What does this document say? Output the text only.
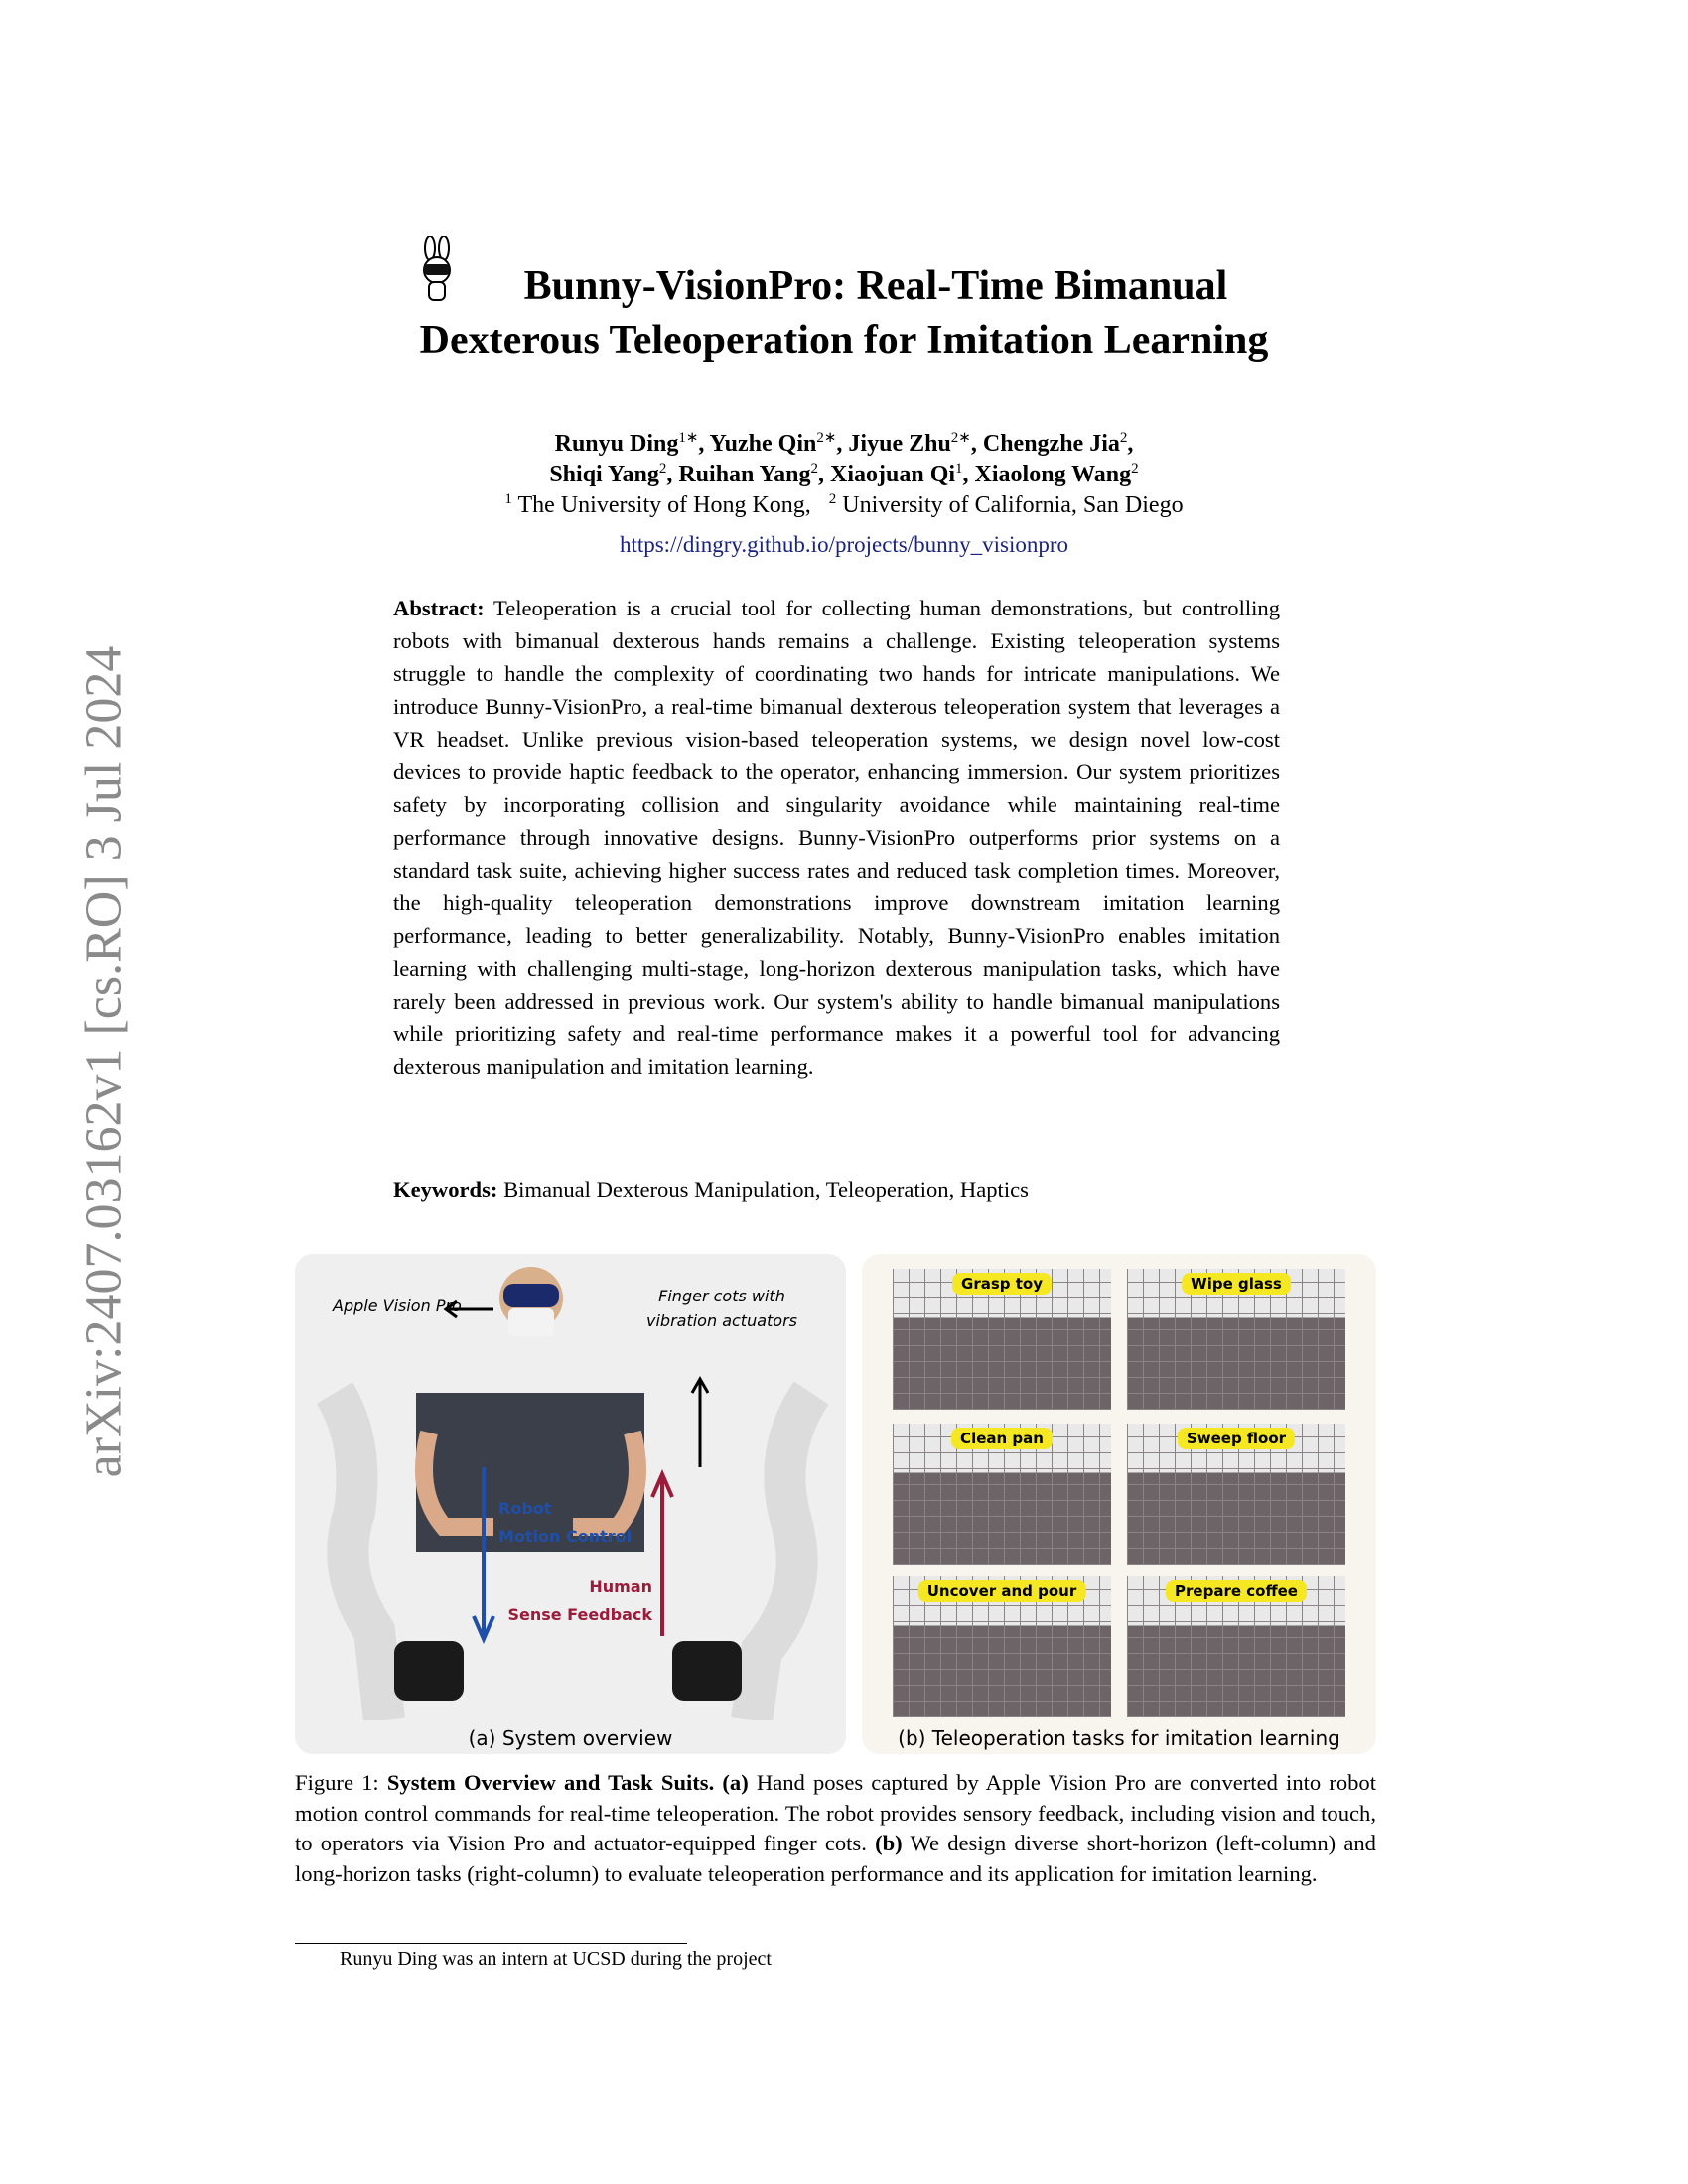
arXiv:2407.03162v1 [cs.RO] 3 Jul 2024
Bunny-VisionPro: Real-Time Bimanual
Dexterous Teleoperation for Imitation Learning
Runyu Ding$^{1∗}$, Yuzhe Qin$^{2∗}$, Jiyue Zhu$^{2∗}$, Chengzhe Jia$^2$,
Shiqi Yang$^2$, Ruihan Yang$^2$, Xiaojuan Qi$^1$, Xiaolong Wang$^2$
$^1$ The University of Hong Kong, $^2$ University of California, San Diego
https://dingry.github.io/projects/bunny_visionpro
Abstract: Teleoperation is a crucial tool for collecting human demonstrations, but controlling robots with bimanual dexterous hands remains a challenge. Existing teleoperation systems struggle to handle the complexity of coordinating two hands for intricate manipulations. We introduce Bunny-VisionPro, a real-time bimanual dexterous teleoperation system that leverages a VR headset. Unlike previous vision-based teleoperation systems, we design novel low-cost devices to provide haptic feedback to the operator, enhancing immersion. Our system prioritizes safety by incorporating collision and singularity avoidance while maintaining real-time performance through innovative designs. Bunny-VisionPro outperforms prior systems on a standard task suite, achieving higher success rates and reduced task completion times. Moreover, the high-quality teleoperation demonstrations improve downstream imitation learning performance, leading to better generalizability. Notably, Bunny-VisionPro enables imitation learning with challenging multi-stage, long-horizon dexterous manipulation tasks, which have rarely been addressed in previous work. Our system's ability to handle bimanual manipulations while prioritizing safety and real-time performance makes it a powerful tool for advancing dexterous manipulation and imitation learning.
Keywords: Bimanual Dexterous Manipulation, Teleoperation, Haptics
Apple Vision Pro
Finger cots with
vibration actuators
Robot
Motion Control
Human
Sense Feedback
(a) System overview
Grasp toy	Wipe glass
Clean pan	Sweep floor
Uncover and pour	Prepare coffee
(b) Teleoperation tasks for imitation learning
Figure 1: System Overview and Task Suits. (a) Hand poses captured by Apple Vision Pro are converted into robot motion control commands for real-time teleoperation. The robot provides sensory feedback, including vision and touch, to operators via Vision Pro and actuator-equipped finger cots. (b) We design diverse short-horizon (left-column) and long-horizon tasks (right-column) to evaluate teleoperation performance and its application for imitation learning.
Runyu Ding was an intern at UCSD during the project
